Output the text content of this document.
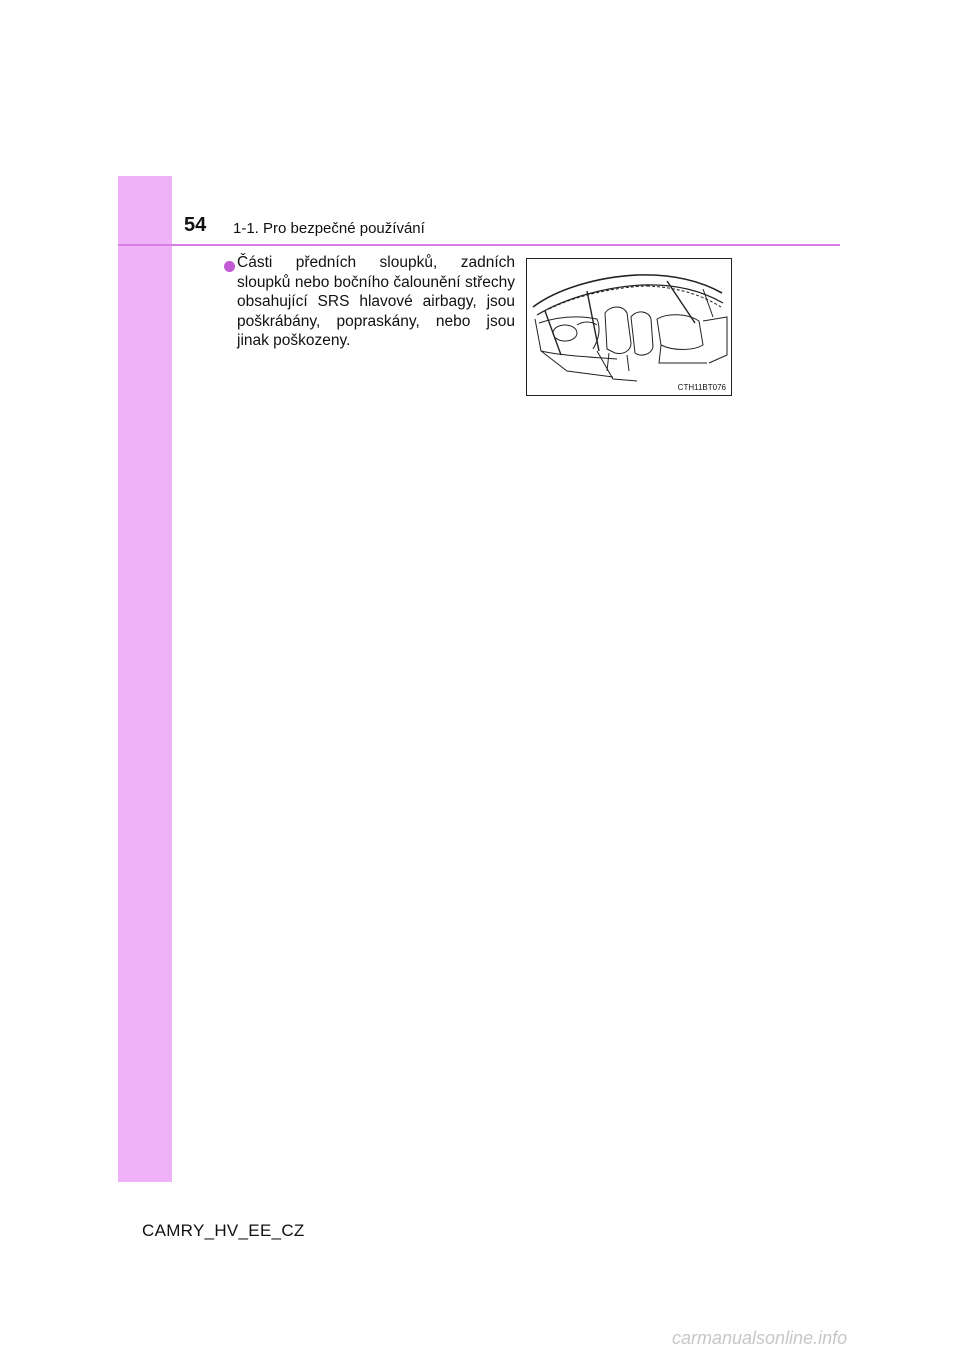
54 1-1. Pro bezpečné používání
Části předních sloupků, zadních sloupků nebo bočního čalounění střechy obsahující SRS hlavové airbagy, jsou poškrábány, popraskány, nebo jsou jinak poškozeny.
CTH11BT076
CAMRY_HV_EE_CZ
carmanualsonline.info
